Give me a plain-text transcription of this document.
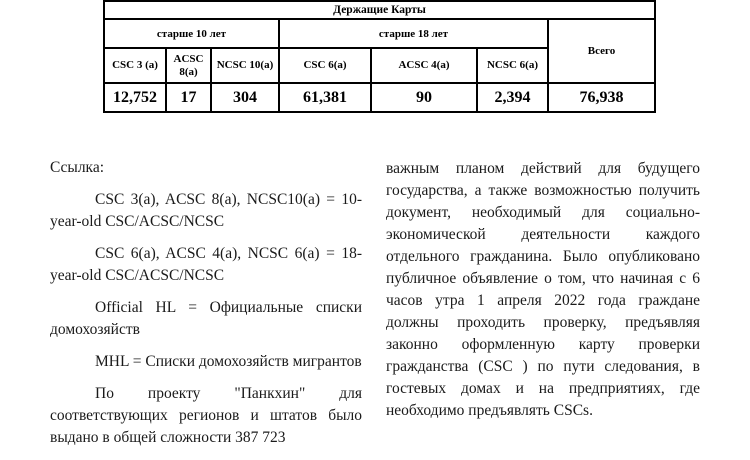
Держащие Карты						
старше 10 лет			старше 18 лет			Всего
CSC 3 (a)	ACSC 8(a)	NCSC 10(a)	CSC 6(a)	ACSC 4(a)	NCSC 6(a)	
12,752	17	304	61,381	90	2,394	76,938

Ссылка:

CSC 3(a), ACSC 8(a), NCSC10(a) = 10-year-old CSC/ACSC/NCSC

CSC 6(a), ACSC 4(a), NCSC 6(a) = 18-year-old CSC/ACSC/NCSC

Official HL = Официальные списки домохозяйств

MHL = Списки домохозяйств мигрантов

По проекту "Панкхин" для соответствующих регионов и штатов было выдано в общей сложности 387 723

важным планом действий для будущего государства, а также возможностью получить документ, необходимый для социально-экономической деятельности каждого отдельного гражданина. Было опубликовано публичное объявление о том, что начиная с 6 часов утра 1 апреля 2022 года граждане должны проходить проверку, предъявляя законно оформленную карту проверки гражданства (CSC ) по пути следования, в гостевых домах и на предприятиях, где необходимо предъявлять CSCs.
